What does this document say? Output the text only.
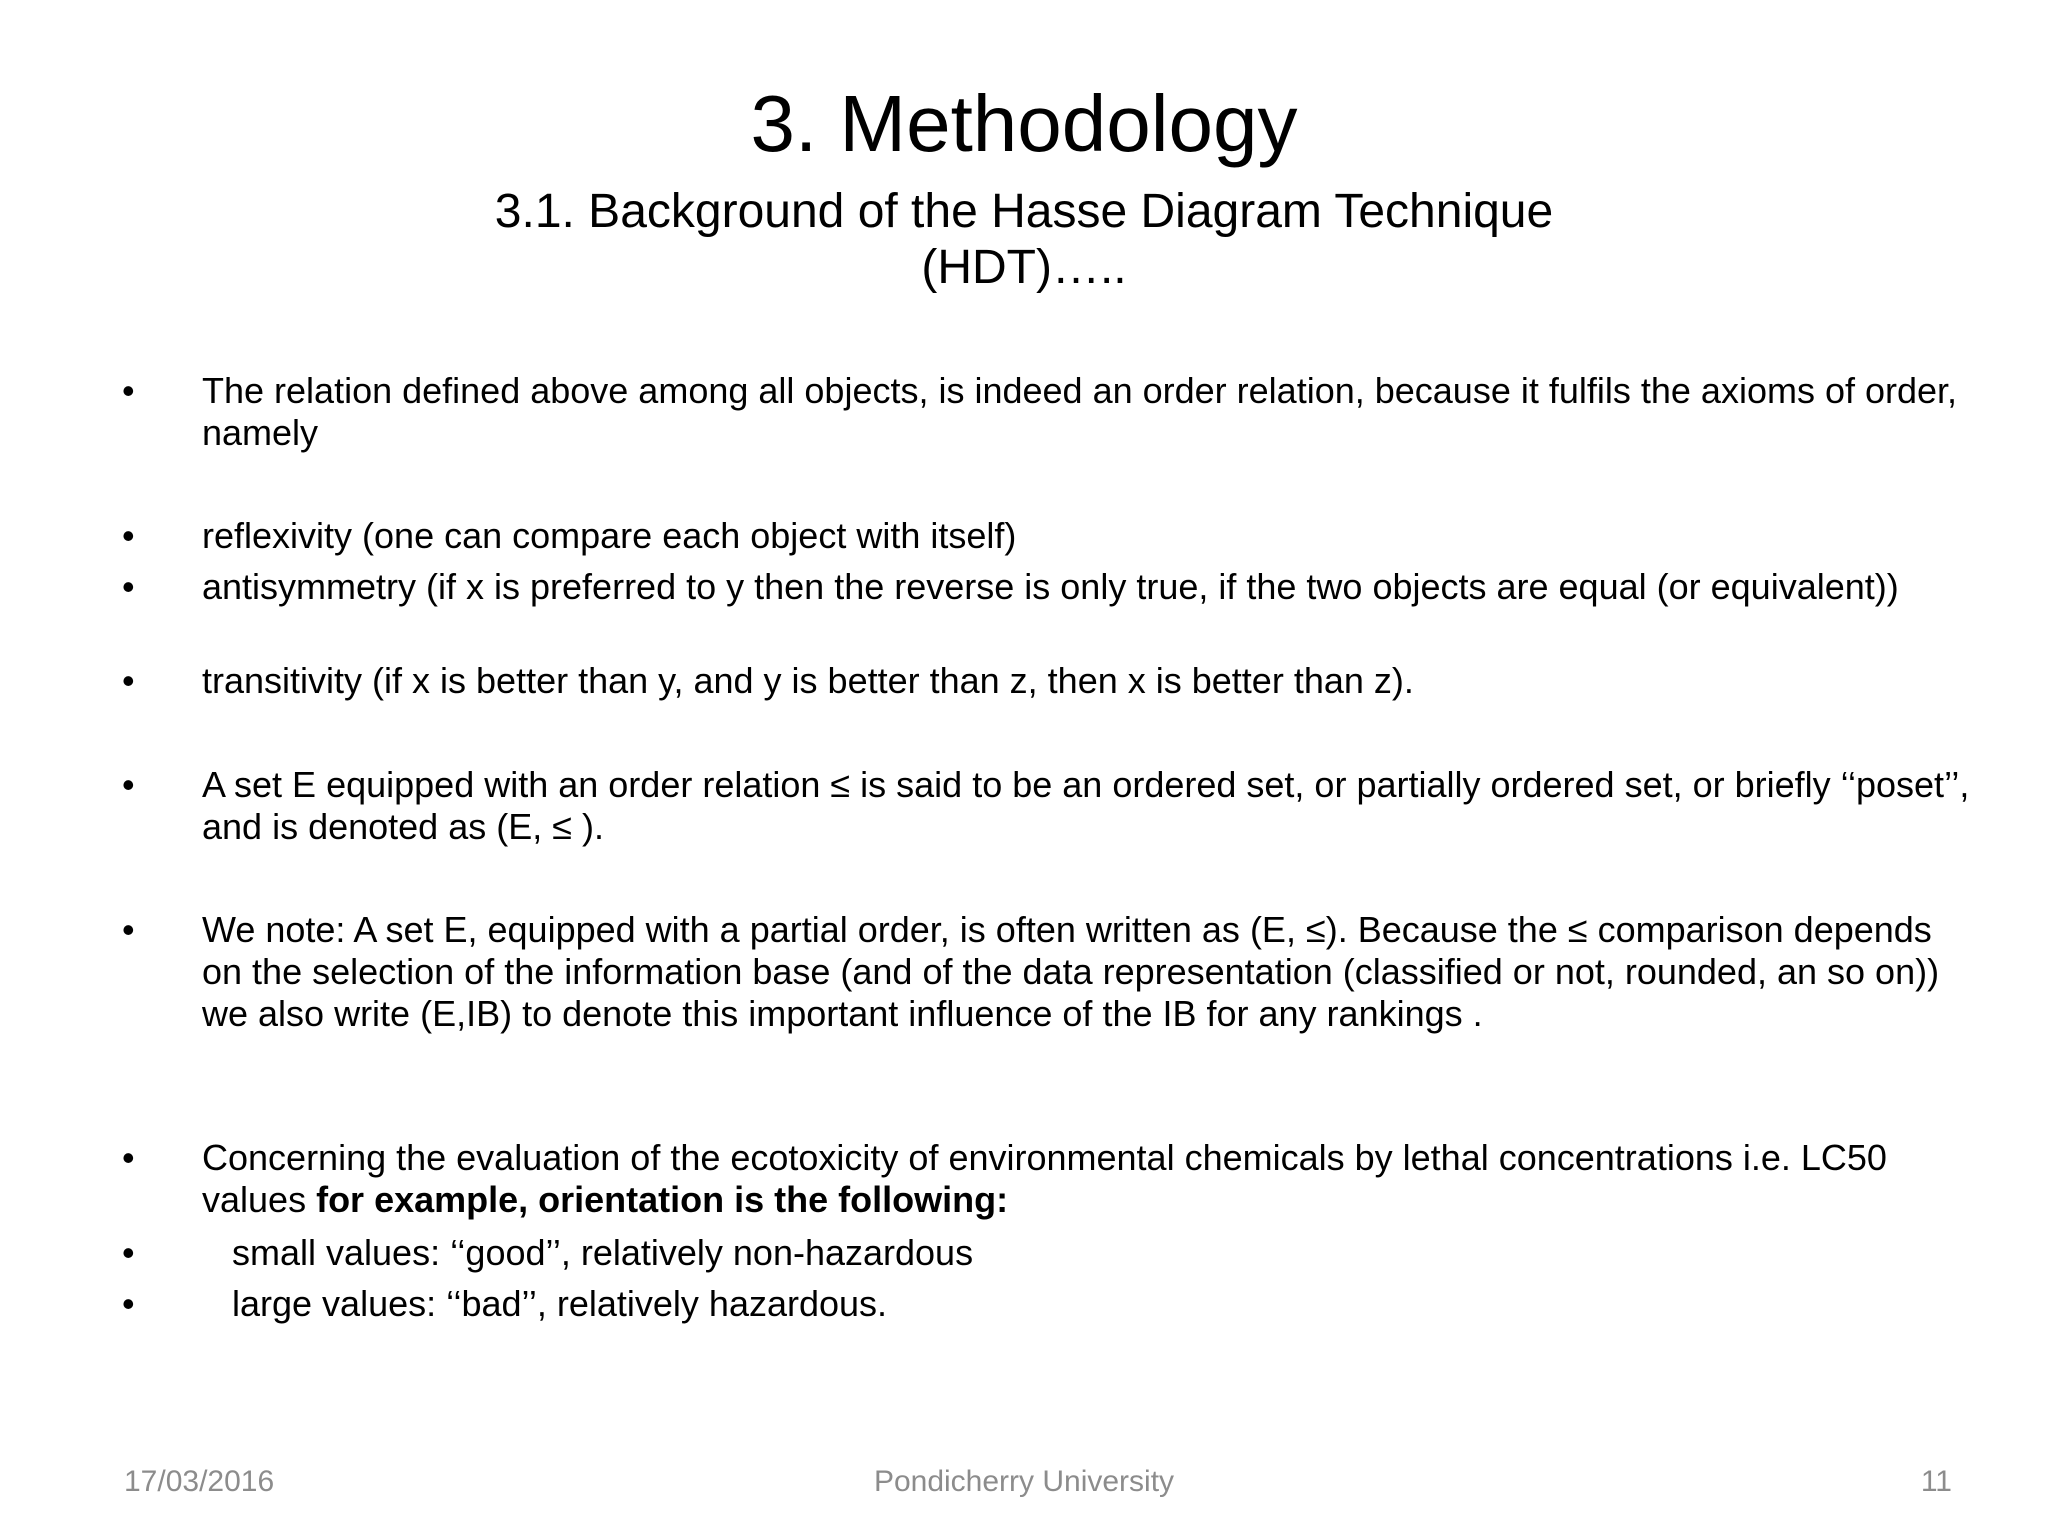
3. Methodology
3.1. Background of the Hasse Diagram Technique
(HDT)…..
•	The relation defined above among all objects, is indeed an order relation, because it fulfils the axioms of order, namely
•	reflexivity (one can compare each object with itself)
•	antisymmetry (if x is preferred to y then the reverse is only true, if the two objects are equal (or equivalent))
•	transitivity (if x is better than y, and y is better than z, then x is better than z).
•	A set E equipped with an order relation ≤ is said to be an ordered set, or partially ordered set, or briefly ‘‘poset’’, and is denoted as (E, ≤ ).
•	We note: A set E, equipped with a partial order, is often written as (E, ≤). Because the ≤ comparison depends on the selection of the information base (and of the data representation (classified or not, rounded, an so on)) we also write (E,IB) to denote this important influence of the IB for any rankings .
•	Concerning the evaluation of the ecotoxicity of environmental chemicals by lethal concentrations i.e. LC50 values for example, orientation is the following:
•	small values: ‘‘good’’, relatively non-hazardous
•	large values: ‘‘bad’’, relatively hazardous.
17/03/2016	Pondicherry University	11
